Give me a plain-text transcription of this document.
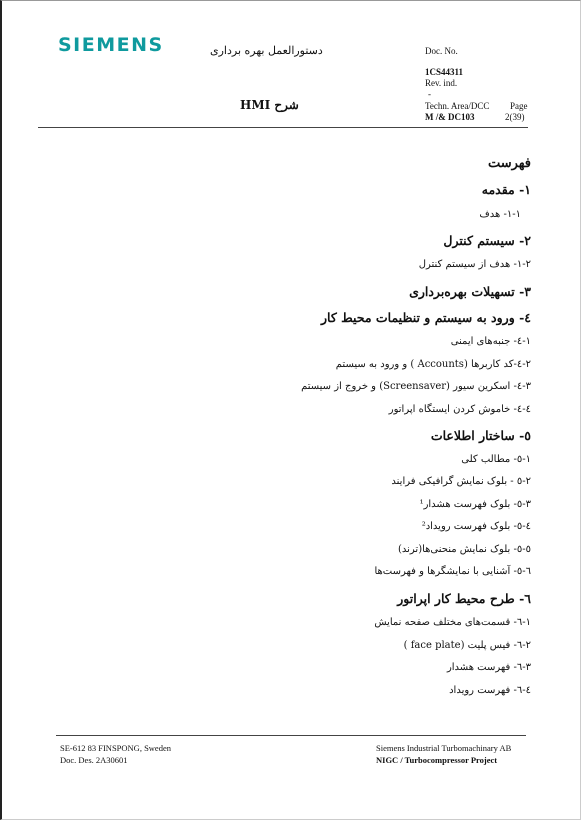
SIEMENS	دستورالعمل بهره برداری
شرح HMI
Doc. No.
1CS44311
Rev. ind.
-
Techn. Area/DCC
M /& DC103
Page
2(39)
فهرست
۱- مقدمه
۱-۱- هدف
۲- سیستم کنترل
۱-۲- هدف از سیستم کنترل
۳- تسهیلات بهره‌برداری
٤- ورود به سیستم و تنظیمات محیط کار
۱-٤- جنبه‌های ایمنی
۲-٤-کد کاربرها (Accounts ) و ورود به سیستم
۳-٤- اسکرین سیور (Screensaver) و خروج از سیستم
٤-٤- خاموش کردن ایستگاه اپراتور
٥- ساختار اطلاعات
۱-٥- مطالب کلی
۲-٥ - بلوک نمایش گرافیکی فرایند
۳-٥- بلوک فهرست هشدار¹
٤-٥- بلوک فهرست رویداد²
٥-٥- بلوک نمایش منحنی‌ها(ترند)
٦-٥- آشنایی با نمایشگرها و فهرست‌ها
٦- طرح محیط کار اپراتور
۱-٦- قسمت‌های مختلف صفحه نمایش
۲-٦- فیس پلیت (face plate )
۳-٦- فهرست هشدار
٤-٦- فهرست رویداد
SE-612 83 FINSPONG, Sweden
Doc. Des. 2A30601
Siemens Industrial Turbomachinary AB
NIGC / Turbocompressor Project
